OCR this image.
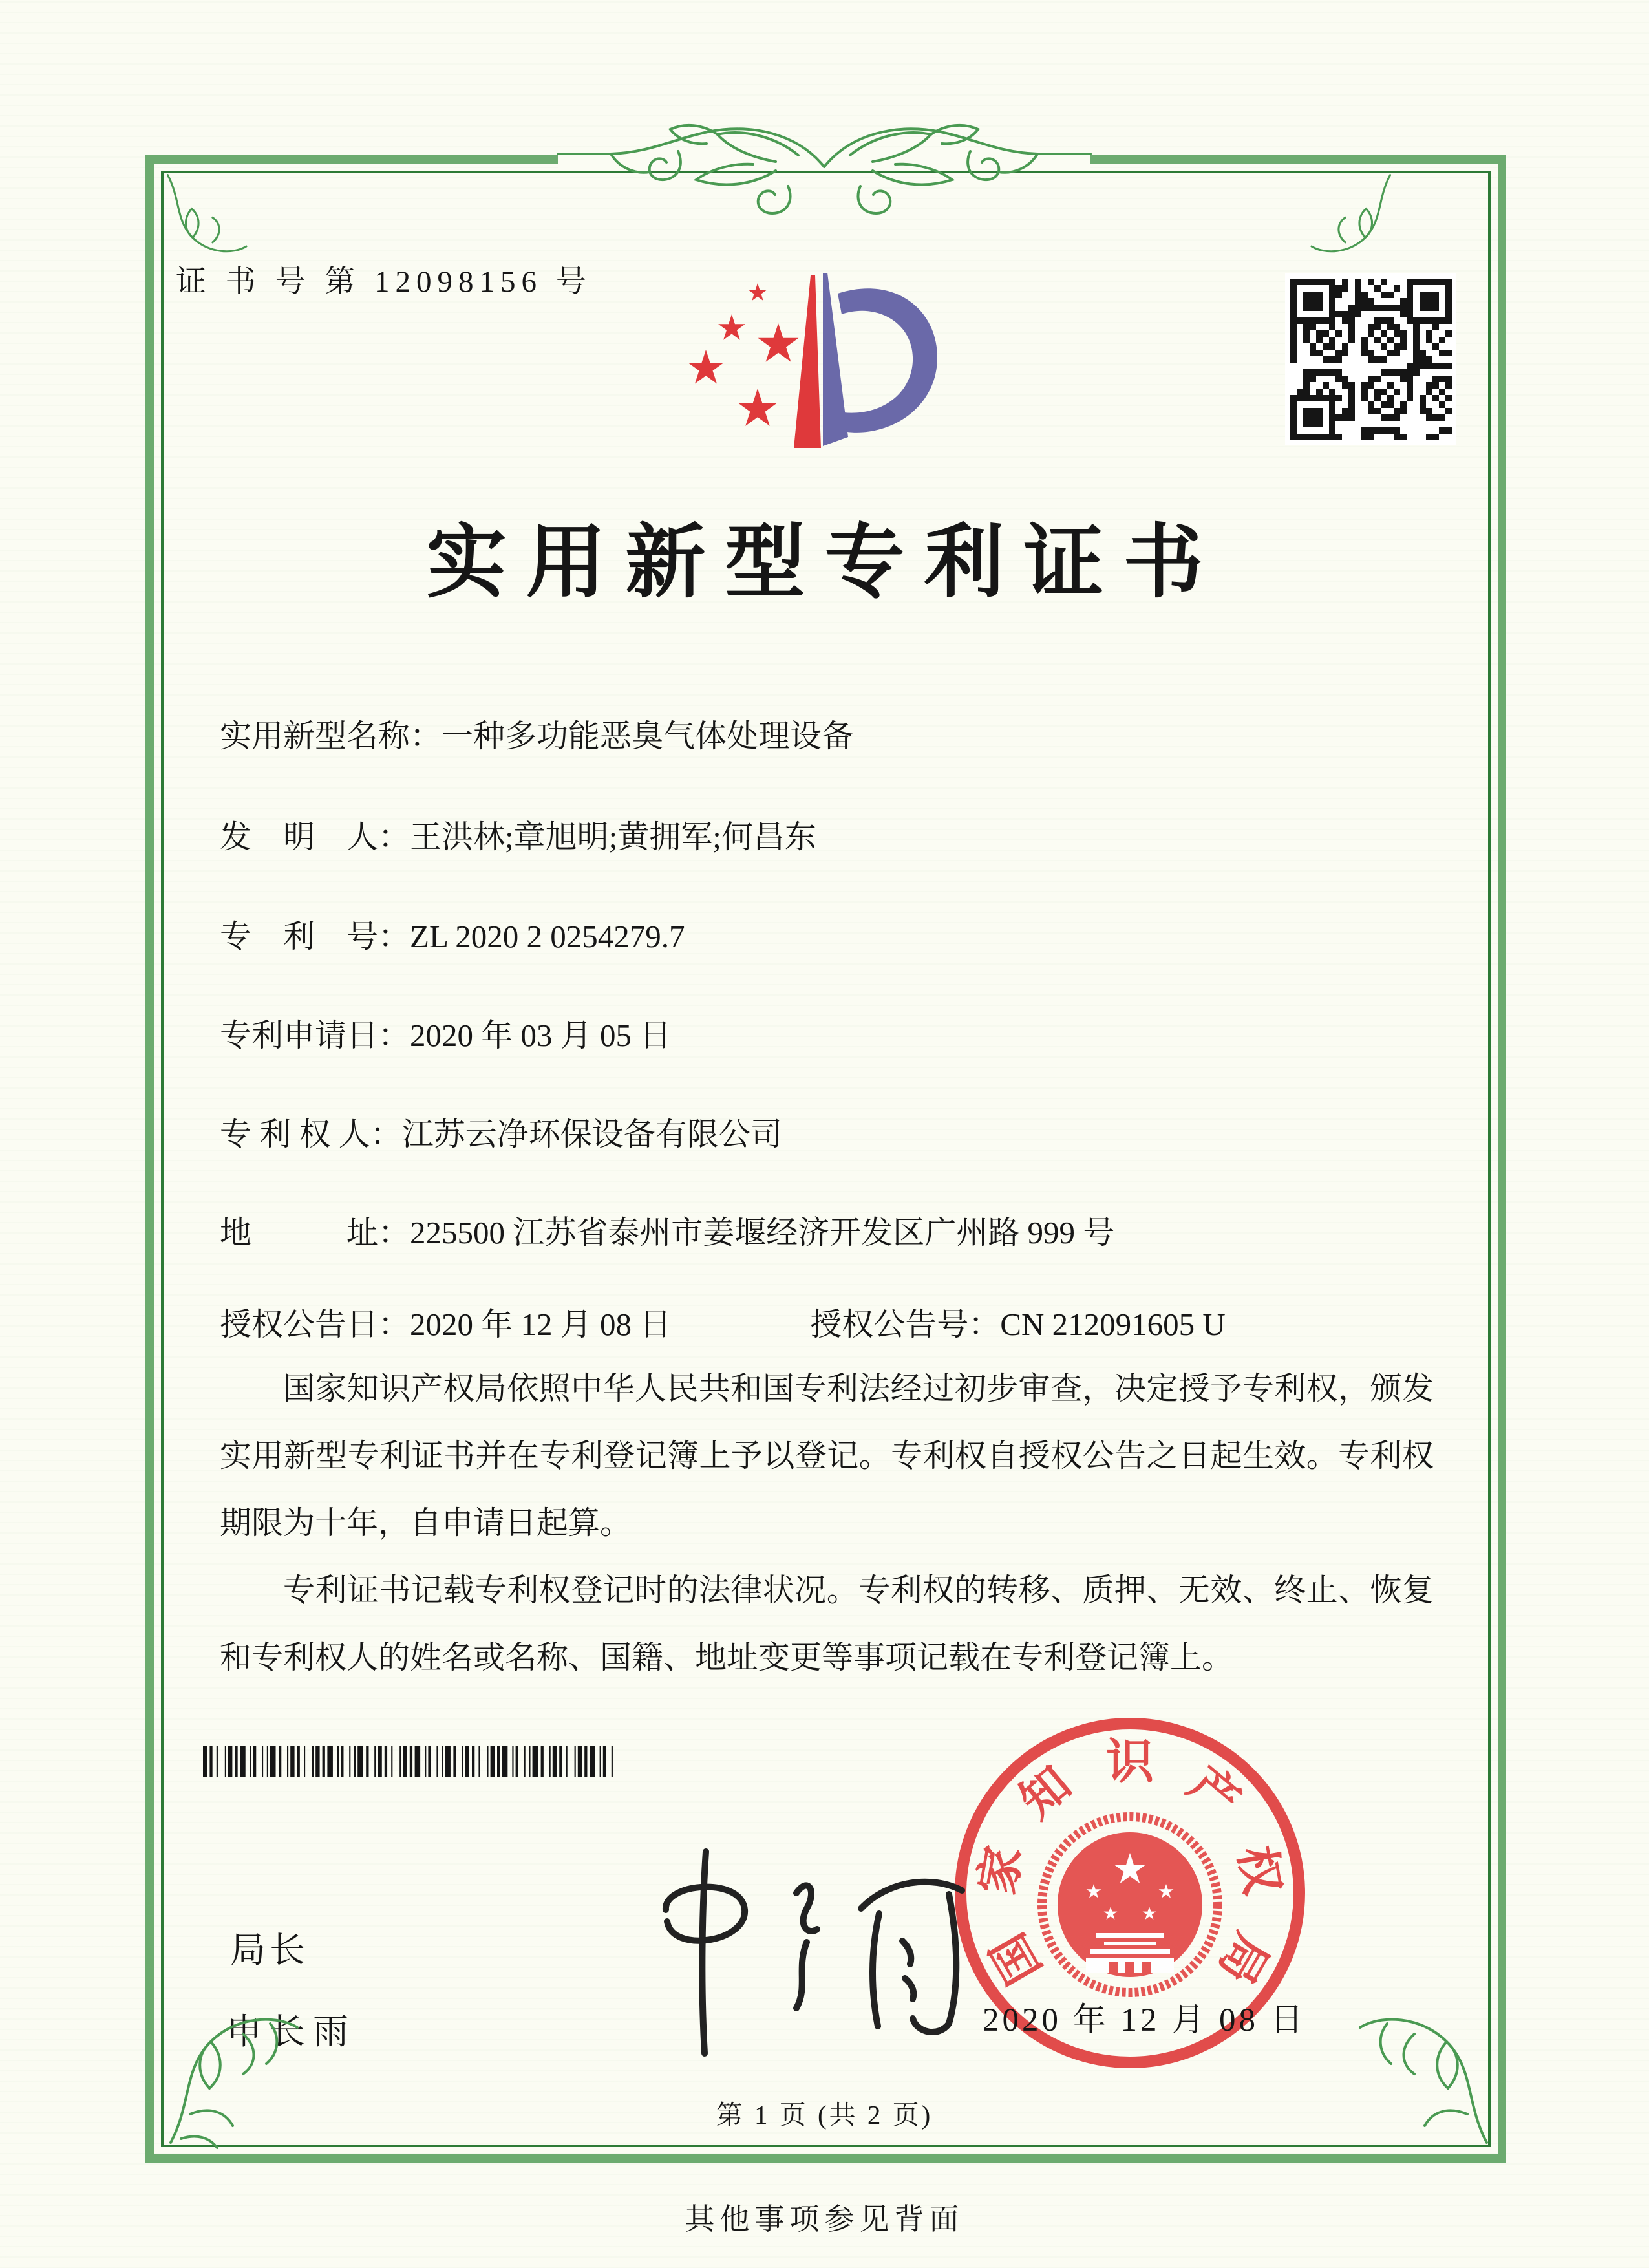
证 书 号 第 12098156 号
实用新型专利证书
实用新型名称：一种多功能恶臭气体处理设备
发　明　人：王洪林;章旭明;黄拥军;何昌东
专　利　号：ZL 2020 2 0254279.7
专利申请日：2020 年 03 月 05 日
专 利 权 人：江苏云净环保设备有限公司
地　　　址：225500 江苏省泰州市姜堰经济开发区广州路 999 号
授权公告日：2020 年 12 月 08 日	授权公告号：CN 212091605 U

国家知识产权局依照中华人民共和国专利法经过初步审查，决定授予专利权，颁发实用新型专利证书并在专利登记簿上予以登记。专利权自授权公告之日起生效。专利权期限为十年，自申请日起算。

专利证书记载专利权登记时的法律状况。专利权的转移、质押、无效、终止、恢复和专利权人的姓名或名称、国籍、地址变更等事项记载在专利登记簿上。

局长
申长雨
国
家
知 识 产
权
局
2020 年 12 月 08 日
第 1 页 (共 2 页)
其他事项参见背面
